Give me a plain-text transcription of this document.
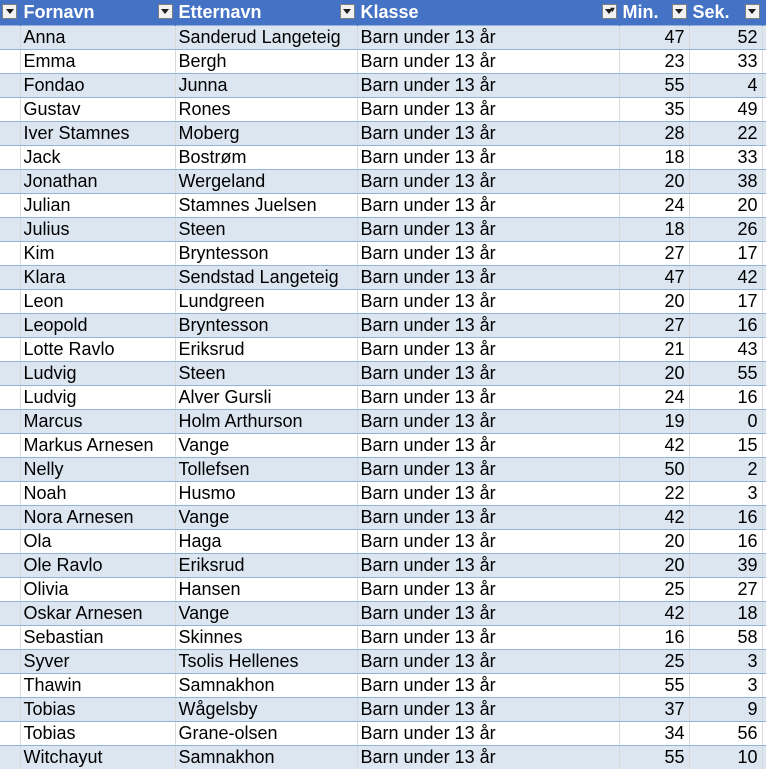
	Fornavn	Etternavn	Klasse ▾	Min.	Sek.

	Anna	Sanderud Langeteig	Barn under 13 år	47	52	
	Emma	Bergh	Barn under 13 år	23	33	
	Fondao	Junna	Barn under 13 år	55	4	
	Gustav	Rones	Barn under 13 år	35	49	
	Iver Stamnes	Moberg	Barn under 13 år	28	22	
	Jack	Bostrøm	Barn under 13 år	18	33	
	Jonathan	Wergeland	Barn under 13 år	20	38	
	Julian	Stamnes Juelsen	Barn under 13 år	24	20	
	Julius	Steen	Barn under 13 år	18	26	
	Kim	Bryntesson	Barn under 13 år	27	17	
	Klara	Sendstad Langeteig	Barn under 13 år	47	42	
	Leon	Lundgreen	Barn under 13 år	20	17	
	Leopold	Bryntesson	Barn under 13 år	27	16	
	Lotte Ravlo	Eriksrud	Barn under 13 år	21	43	
	Ludvig	Steen	Barn under 13 år	20	55	
	Ludvig	Alver Gursli	Barn under 13 år	24	16	
	Marcus	Holm Arthurson	Barn under 13 år	19	0	
	Markus Arnesen	Vange	Barn under 13 år	42	15	
	Nelly	Tollefsen	Barn under 13 år	50	2	
	Noah	Husmo	Barn under 13 år	22	3	
	Nora Arnesen	Vange	Barn under 13 år	42	16	
	Ola	Haga	Barn under 13 år	20	16	
	Ole Ravlo	Eriksrud	Barn under 13 år	20	39	
	Olivia	Hansen	Barn under 13 år	25	27	
	Oskar Arnesen	Vange	Barn under 13 år	42	18	
	Sebastian	Skinnes	Barn under 13 år	16	58	
	Syver	Tsolis Hellenes	Barn under 13 år	25	3	
	Thawin	Samnakhon	Barn under 13 år	55	3	
	Tobias	Wågelsby	Barn under 13 år	37	9	
	Tobias	Grane-olsen	Barn under 13 år	34	56	
	Witchayut	Samnakhon	Barn under 13 år	55	10	
